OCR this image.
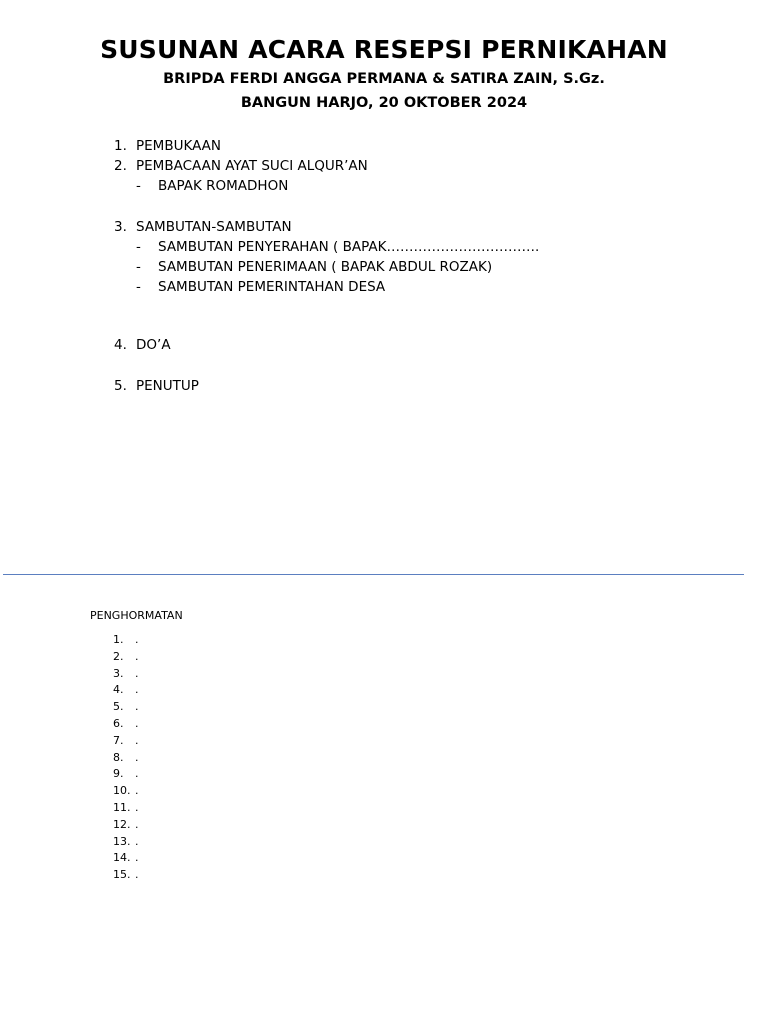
SUSUNAN ACARA RESEPSI PERNIKAHAN
BRIPDA FERDI ANGGA PERMANA & SATIRA ZAIN, S.Gz.
BANGUN HARJO, 20 OKTOBER 2024
1. PEMBUKAAN
2. PEMBACAAN AYAT SUCI ALQUR’AN
- BAPAK ROMADHON
3. SAMBUTAN-SAMBUTAN
- SAMBUTAN PENYERAHAN ( BAPAK…………………………….
- SAMBUTAN PENERIMAAN ( BAPAK ABDUL ROZAK)
- SAMBUTAN PEMERINTAHAN DESA
4. DO’A
5. PENUTUP
PENGHORMATAN
1. .
2. .
3. .
4. .
5. .
6. .
7. .
8. .
9. .
10. .
11. .
12. .
13. .
14. .
15. .
